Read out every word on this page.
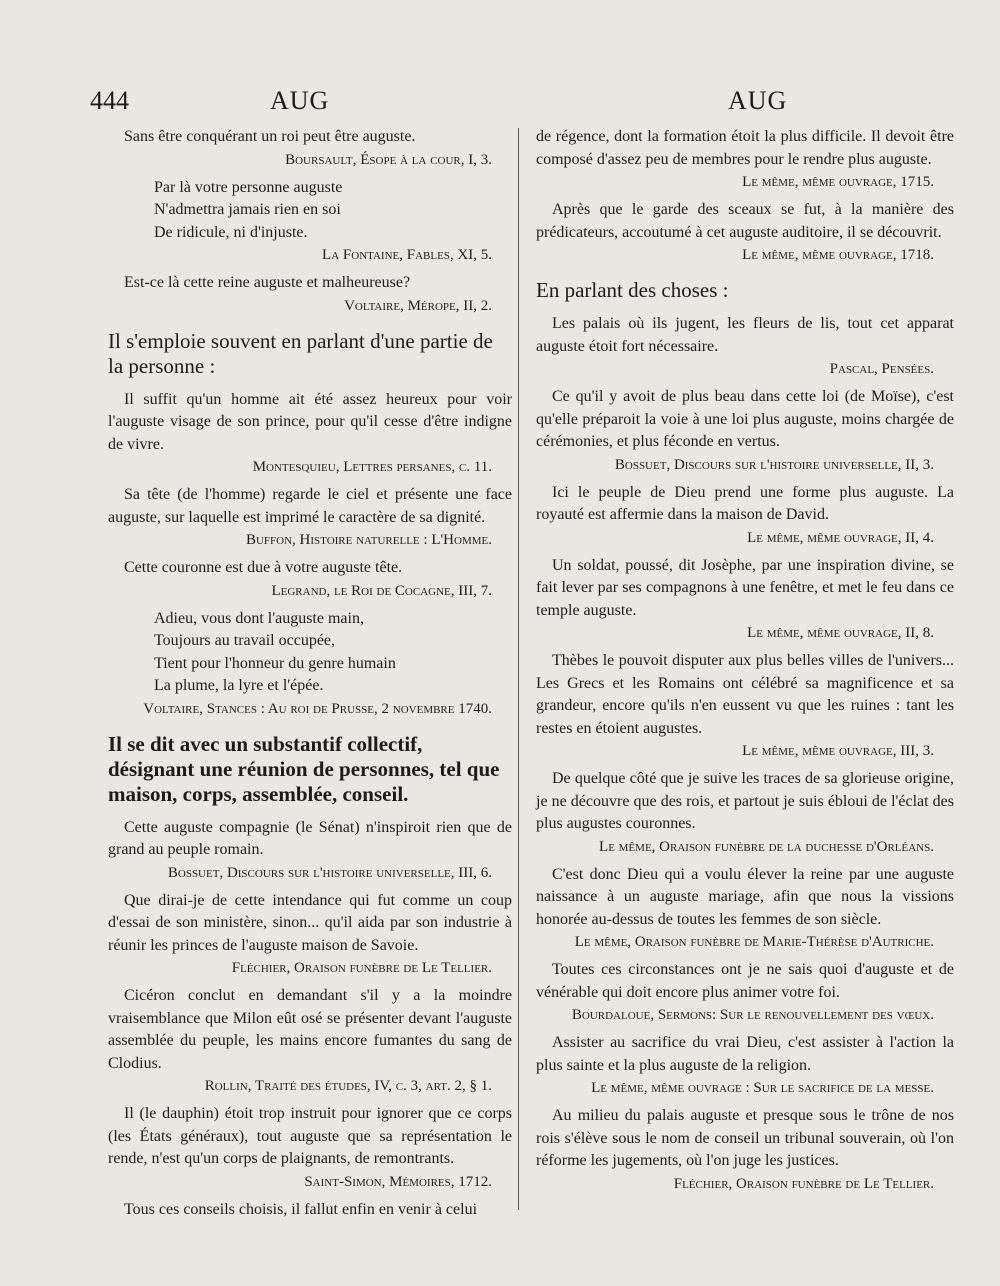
444	AUG	AUG
Sans être conquérant un roi peut être auguste.
Boursault, Ésope à la cour, I, 3.
Par là votre personne auguste
N'admettra jamais rien en soi
De ridicule, ni d'injuste.
La Fontaine, Fables, XI, 5.
Est-ce là cette reine auguste et malheureuse?
Voltaire, Mérope, II, 2.
Il s'emploie souvent en parlant d'une partie de la personne :
Il suffit qu'un homme ait été assez heureux pour voir l'auguste visage de son prince, pour qu'il cesse d'être indigne de vivre.
Montesquieu, Lettres persanes, c. 11.
Sa tête (de l'homme) regarde le ciel et présente une face auguste, sur laquelle est imprimé le caractère de sa dignité.
Buffon, Histoire naturelle : L'Homme.
Cette couronne est due à votre auguste tête.
Legrand, le Roi de Cocagne, III, 7.
Adieu, vous dont l'auguste main,
Toujours au travail occupée,
Tient pour l'honneur du genre humain
La plume, la lyre et l'épée.
Voltaire, Stances : Au roi de Prusse, 2 novembre 1740.
Il se dit avec un substantif collectif, désignant une réunion de personnes, tel que maison, corps, assemblée, conseil.
Cette auguste compagnie (le Sénat) n'inspiroit rien que de grand au peuple romain.
Bossuet, Discours sur l'histoire universelle, III, 6.
Que dirai-je de cette intendance qui fut comme un coup d'essai de son ministère, sinon... qu'il aida par son industrie à réunir les princes de l'auguste maison de Savoie.
Fléchier, Oraison funèbre de Le Tellier.
Cicéron conclut en demandant s'il y a la moindre vraisemblance que Milon eût osé se présenter devant l'auguste assemblée du peuple, les mains encore fumantes du sang de Clodius.
Rollin, Traité des études, IV, c. 3, art. 2, § 1.
Il (le dauphin) étoit trop instruit pour ignorer que ce corps (les États généraux), tout auguste que sa représentation le rende, n'est qu'un corps de plaignants, de remontrants.
Saint-Simon, Mémoires, 1712.
Tous ces conseils choisis, il fallut enfin en venir à celui
de régence, dont la formation étoit la plus difficile. Il devoit être composé d'assez peu de membres pour le rendre plus auguste.
Le même, même ouvrage, 1715.
Après que le garde des sceaux se fut, à la manière des prédicateurs, accoutumé à cet auguste auditoire, il se découvrit.
Le même, même ouvrage, 1718.
En parlant des choses :
Les palais où ils jugent, les fleurs de lis, tout cet apparat auguste étoit fort nécessaire.
Pascal, Pensées.
Ce qu'il y avoit de plus beau dans cette loi (de Moïse), c'est qu'elle préparoit la voie à une loi plus auguste, moins chargée de cérémonies, et plus féconde en vertus.
Bossuet, Discours sur l'histoire universelle, II, 3.
Ici le peuple de Dieu prend une forme plus auguste. La royauté est affermie dans la maison de David.
Le même, même ouvrage, II, 4.
Un soldat, poussé, dit Josèphe, par une inspiration divine, se fait lever par ses compagnons à une fenêtre, et met le feu dans ce temple auguste.
Le même, même ouvrage, II, 8.
Thèbes le pouvoit disputer aux plus belles villes de l'univers... Les Grecs et les Romains ont célébré sa magnificence et sa grandeur, encore qu'ils n'en eussent vu que les ruines : tant les restes en étoient augustes.
Le même, même ouvrage, III, 3.
De quelque côté que je suive les traces de sa glorieuse origine, je ne découvre que des rois, et partout je suis ébloui de l'éclat des plus augustes couronnes.
Le même, Oraison funèbre de la duchesse d'Orléans.
C'est donc Dieu qui a voulu élever la reine par une auguste naissance à un auguste mariage, afin que nous la vissions honorée au-dessus de toutes les femmes de son siècle.
Le même, Oraison funèbre de Marie-Thérèse d'Autriche.
Toutes ces circonstances ont je ne sais quoi d'auguste et de vénérable qui doit encore plus animer votre foi.
Bourdaloue, Sermons: Sur le renouvellement des vœux.
Assister au sacrifice du vrai Dieu, c'est assister à l'action la plus sainte et la plus auguste de la religion.
Le même, même ouvrage : Sur le sacrifice de la messe.
Au milieu du palais auguste et presque sous le trône de nos rois s'élève sous le nom de conseil un tribunal souverain, où l'on réforme les jugements, où l'on juge les justices.
Fléchier, Oraison funèbre de Le Tellier.
